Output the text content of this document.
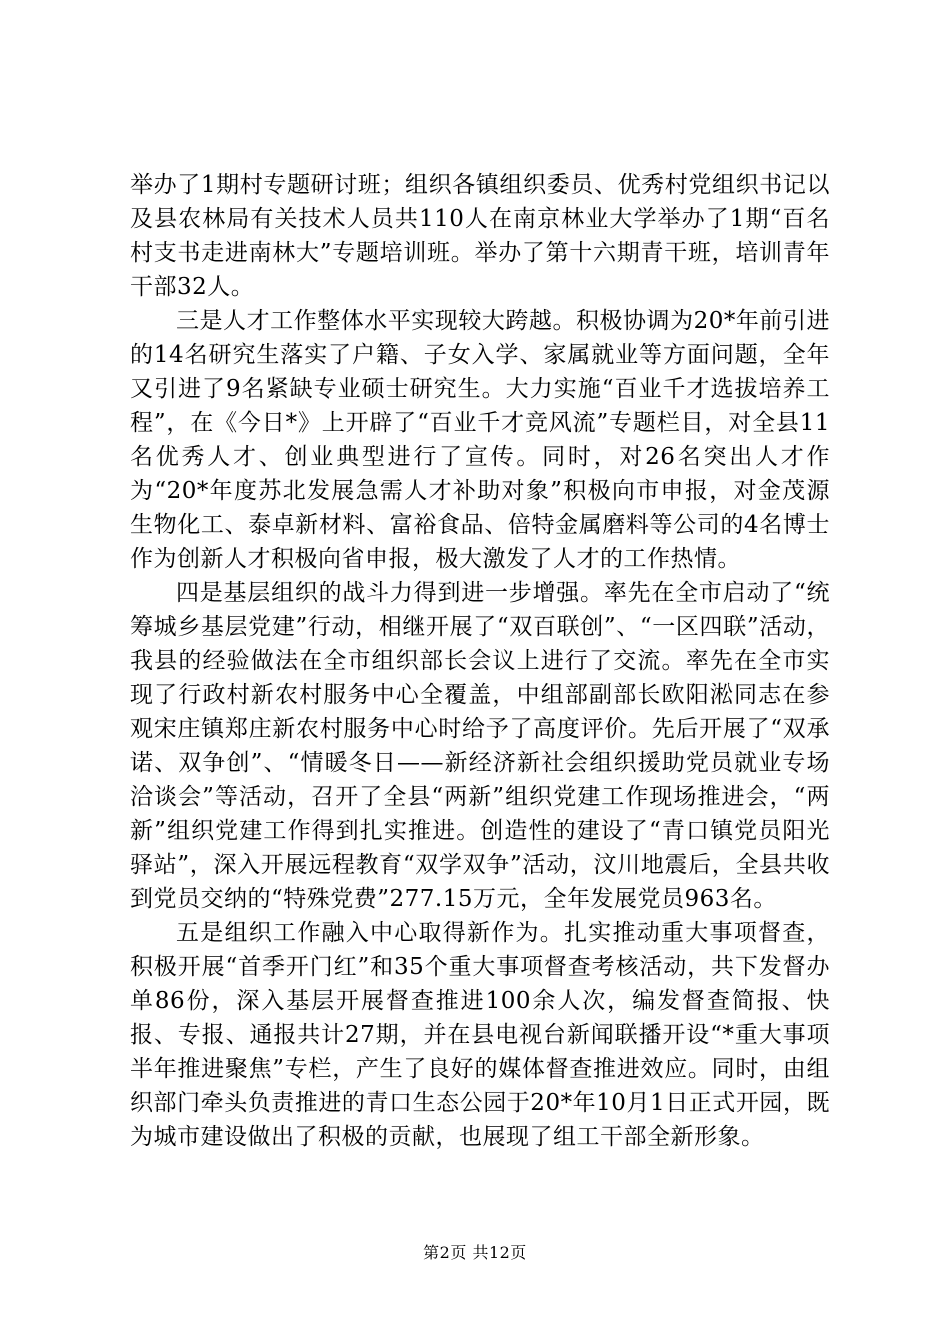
举办了1期村专题研讨班；组织各镇组织委员、优秀村党组织书记以及县农林局有关技术人员共110人在南京林业大学举办了1期“百名村支书走进南林大”专题培训班。举办了第十六期青干班，培训青年干部32人。

三是人才工作整体水平实现较大跨越。积极协调为20*年前引进的14名研究生落实了户籍、子女入学、家属就业等方面问题，全年又引进了9名紧缺专业硕士研究生。大力实施“百业千才选拔培养工程”，在《今日*》上开辟了“百业千才竞风流”专题栏目，对全县11名优秀人才、创业典型进行了宣传。同时，对26名突出人才作为“20*年度苏北发展急需人才补助对象”积极向市申报，对金茂源生物化工、泰卓新材料、富裕食品、倍特金属磨料等公司的4名博士作为创新人才积极向省申报，极大激发了人才的工作热情。

四是基层组织的战斗力得到进一步增强。率先在全市启动了“统筹城乡基层党建”行动，相继开展了“双百联创”、“一区四联”活动，我县的经验做法在全市组织部长会议上进行了交流。率先在全市实现了行政村新农村服务中心全覆盖，中组部副部长欧阳淞同志在参观宋庄镇郑庄新农村服务中心时给予了高度评价。先后开展了“双承诺、双争创”、“情暖冬日——新经济新社会组织援助党员就业专场洽谈会”等活动，召开了全县“两新”组织党建工作现场推进会，“两新”组织党建工作得到扎实推进。创造性的建设了“青口镇党员阳光驿站”，深入开展远程教育“双学双争”活动，汶川地震后，全县共收到党员交纳的“特殊党费”277.15万元，全年发展党员963名。

五是组织工作融入中心取得新作为。扎实推动重大事项督查，积极开展“首季开门红”和35个重大事项督查考核活动，共下发督办单86份，深入基层开展督查推进100余人次，编发督查简报、快报、专报、通报共计27期，并在县电视台新闻联播开设“*重大事项半年推进聚焦”专栏，产生了良好的媒体督查推进效应。同时，由组织部门牵头负责推进的青口生态公园于20*年10月1日正式开园，既为城市建设做出了积极的贡献，也展现了组工干部全新形象。

第2页 共12页
